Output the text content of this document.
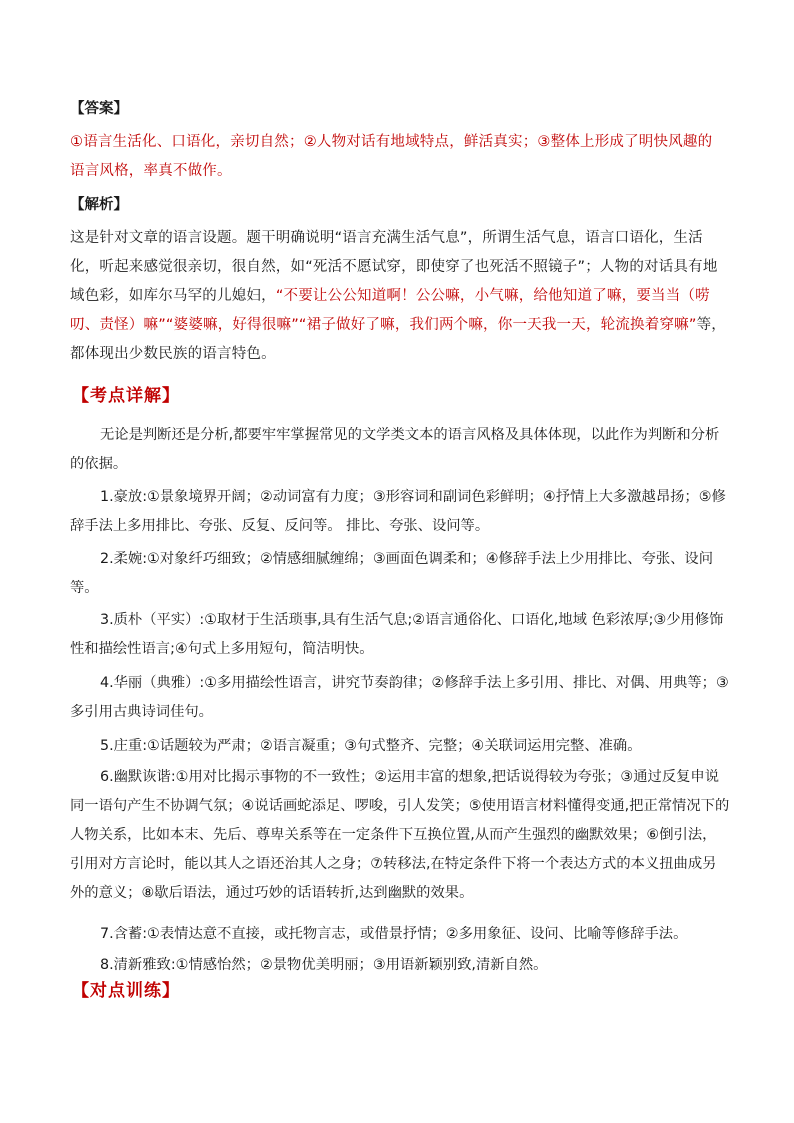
【答案】
①语言生活化、口语化，亲切自然；②人物对话有地域特点，鲜活真实；③整体上形成了明快风趣的语言风格，率真不做作。
【解析】
这是针对文章的语言设题。题干明确说明“语言充满生活气息”，所谓生活气息，语言口语化，生活化，听起来感觉很亲切，很自然，如“死活不愿试穿，即使穿了也死活不照镜子”；人物的对话具有地域色彩，如库尔马罕的儿媳妇，“不要让公公知道啊！公公嘛，小气嘛，给他知道了嘛，要当当（唠叨、责怪）嘛”“婆婆嘛，好得很嘛”“裙子做好了嘛，我们两个嘛，你一天我一天，轮流换着穿嘛”等，都体现出少数民族的语言特色。
【考点详解】
无论是判断还是分析,都要牢牢掌握常见的文学类文本的语言风格及具体体现，以此作为判断和分析的依据。
1.豪放:①景象境界开阔；②动词富有力度；③形容词和副词色彩鲜明；④抒情上大多激越昂扬；⑤修辞手法上多用排比、夸张、反复、反问等。 排比、夸张、设问等。
2.柔婉:①对象纤巧细致；②情感细腻缠绵；③画面色调柔和；④修辞手法上少用排比、夸张、设问等。
3.质朴（平实）:①取材于生活琐事,具有生活气息;②语言通俗化、口语化,地域 色彩浓厚;③少用修饰性和描绘性语言;④句式上多用短句，简洁明快。
4.华丽（典雅）:①多用描绘性语言，讲究节奏韵律；②修辞手法上多引用、排比、对偶、用典等；③多引用古典诗词佳句。
5.庄重:①话题较为严肃；②语言凝重；③句式整齐、完整；④关联词运用完整、准确。
6.幽默诙谐:①用对比揭示事物的不一致性；②运用丰富的想象,把话说得较为夸张；③通过反复申说同一语句产生不协调气氛；④说话画蛇添足、啰唆，引人发笑；⑤使用语言材料懂得变通,把正常情况下的人物关系，比如本末、先后、尊卑关系等在一定条件下互换位置,从而产生强烈的幽默效果；⑥倒引法，引用对方言论时，能以其人之语还治其人之身；⑦转移法,在特定条件下将一个表达方式的本义扭曲成另外的意义；⑧歇后语法，通过巧妙的话语转折,达到幽默的效果。
7.含蓄:①表情达意不直接，或托物言志，或借景抒情；②多用象征、设问、比喻等修辞手法。
8.清新雅致:①情感怡然；②景物优美明丽；③用语新颖别致,清新自然。
【对点训练】
